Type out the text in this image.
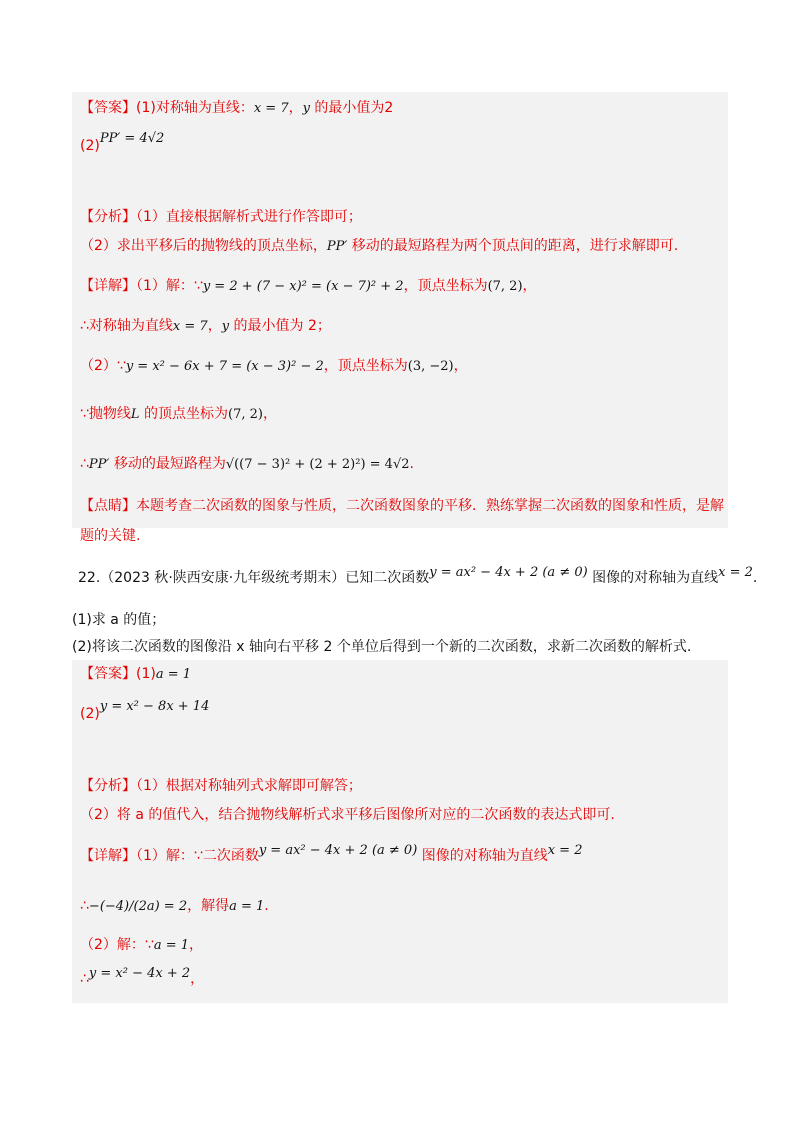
【答案】(1)对称轴为直线：x = 7，y 的最小值为2
(2)PP′ = 4√2
【分析】（1）直接根据解析式进行作答即可；
（2）求出平移后的抛物线的顶点坐标，PP′ 移动的最短路程为两个顶点间的距离，进行求解即可.
【详解】（1）解：∵y = 2 + (7 − x)² = (x − 7)² + 2，顶点坐标为(7, 2)，
∴对称轴为直线x = 7，y 的最小值为 2；
（2）∵y = x² − 6x + 7 = (x − 3)² − 2，顶点坐标为(3, −2)，
∵抛物线L 的顶点坐标为(7, 2)，
∴PP′ 移动的最短路程为√((7 − 3)² + (2 + 2)²) = 4√2.
【点睛】本题考查二次函数的图象与性质，二次函数图象的平移．熟练掌握二次函数的图象和性质，是解
题的关键.
22.（2023 秋·陕西安康·九年级统考期末）已知二次函数y = ax² − 4x + 2 (a ≠ 0) 图像的对称轴为直线x = 2.
(1)求 a 的值；
(2)将该二次函数的图像沿 x 轴向右平移 2 个单位后得到一个新的二次函数，求新二次函数的解析式.
【答案】(1)a = 1
(2)y = x² − 8x + 14
【分析】（1）根据对称轴列式求解即可解答；
（2）将 a 的值代入，结合抛物线解析式求平移后图像所对应的二次函数的表达式即可.
【详解】（1）解：∵二次函数y = ax² − 4x + 2 (a ≠ 0) 图像的对称轴为直线x = 2
∴−(−4)/(2a) = 2，解得a = 1.
（2）解：∵a = 1，
∴y = x² − 4x + 2，
